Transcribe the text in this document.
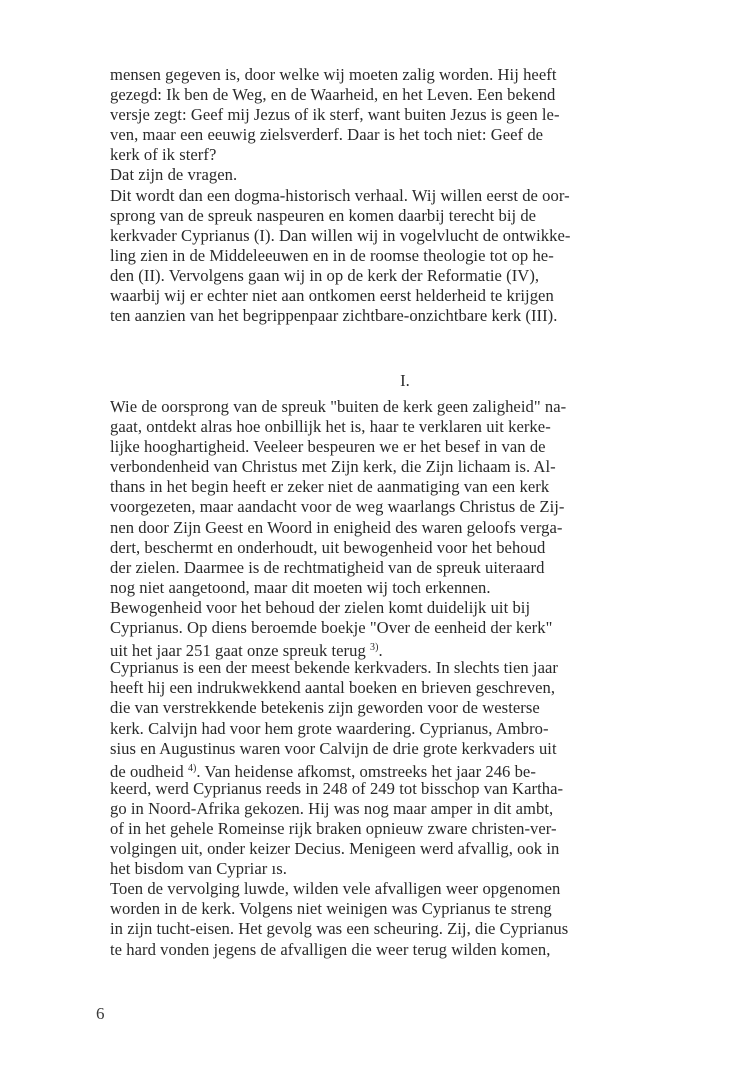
mensen gegeven is, door welke wij moeten zalig worden. Hij heeft
gezegd: Ik ben de Weg, en de Waarheid, en het Leven. Een bekend
versje zegt: Geef mij Jezus of ik sterf, want buiten Jezus is geen le-
ven, maar een eeuwig zielsverderf. Daar is het toch niet: Geef de
kerk of ik sterf?
Dat zijn de vragen.
Dit wordt dan een dogma-historisch verhaal. Wij willen eerst de oor-
sprong van de spreuk naspeuren en komen daarbij terecht bij de
kerkvader Cyprianus (I). Dan willen wij in vogelvlucht de ontwikke-
ling zien in de Middeleeuwen en in de roomse theologie tot op he-
den (II). Vervolgens gaan wij in op de kerk der Reformatie (IV),
waarbij wij er echter niet aan ontkomen eerst helderheid te krijgen
ten aanzien van het begrippenpaar zichtbare-onzichtbare kerk (III).
I.
Wie de oorsprong van de spreuk "buiten de kerk geen zaligheid" na-
gaat, ontdekt alras hoe onbillijk het is, haar te verklaren uit kerke-
lijke hooghartigheid. Veeleer bespeuren we er het besef in van de
verbondenheid van Christus met Zijn kerk, die Zijn lichaam is. Al-
thans in het begin heeft er zeker niet de aanmatiging van een kerk
voorgezeten, maar aandacht voor de weg waarlangs Christus de Zij-
nen door Zijn Geest en Woord in enigheid des waren geloofs verga-
dert, beschermt en onderhoudt, uit bewogenheid voor het behoud
der zielen. Daarmee is de rechtmatigheid van de spreuk uiteraard
nog niet aangetoond, maar dit moeten wij toch erkennen.
Bewogenheid voor het behoud der zielen komt duidelijk uit bij
Cyprianus. Op diens beroemde boekje "Over de eenheid der kerk"
uit het jaar 251 gaat onze spreuk terug $^{3)}$.
Cyprianus is een der meest bekende kerkvaders. In slechts tien jaar
heeft hij een indrukwekkend aantal boeken en brieven geschreven,
die van verstrekkende betekenis zijn geworden voor de westerse
kerk. Calvijn had voor hem grote waardering. Cyprianus, Ambro-
sius en Augustinus waren voor Calvijn de drie grote kerkvaders uit
de oudheid $^{4)}$. Van heidense afkomst, omstreeks het jaar 246 be-
keerd, werd Cyprianus reeds in 248 of 249 tot bisschop van Kartha-
go in Noord-Afrika gekozen. Hij was nog maar amper in dit ambt,
of in het gehele Romeinse rijk braken opnieuw zware christen-ver-
volgingen uit, onder keizer Decius. Menigeen werd afvallig, ook in
het bisdom van Cypriar ıs.
Toen de vervolging luwde, wilden vele afvalligen weer opgenomen
worden in de kerk. Volgens niet weinigen was Cyprianus te streng
in zijn tucht-eisen. Het gevolg was een scheuring. Zij, die Cyprianus
te hard vonden jegens de afvalligen die weer terug wilden komen,
6
